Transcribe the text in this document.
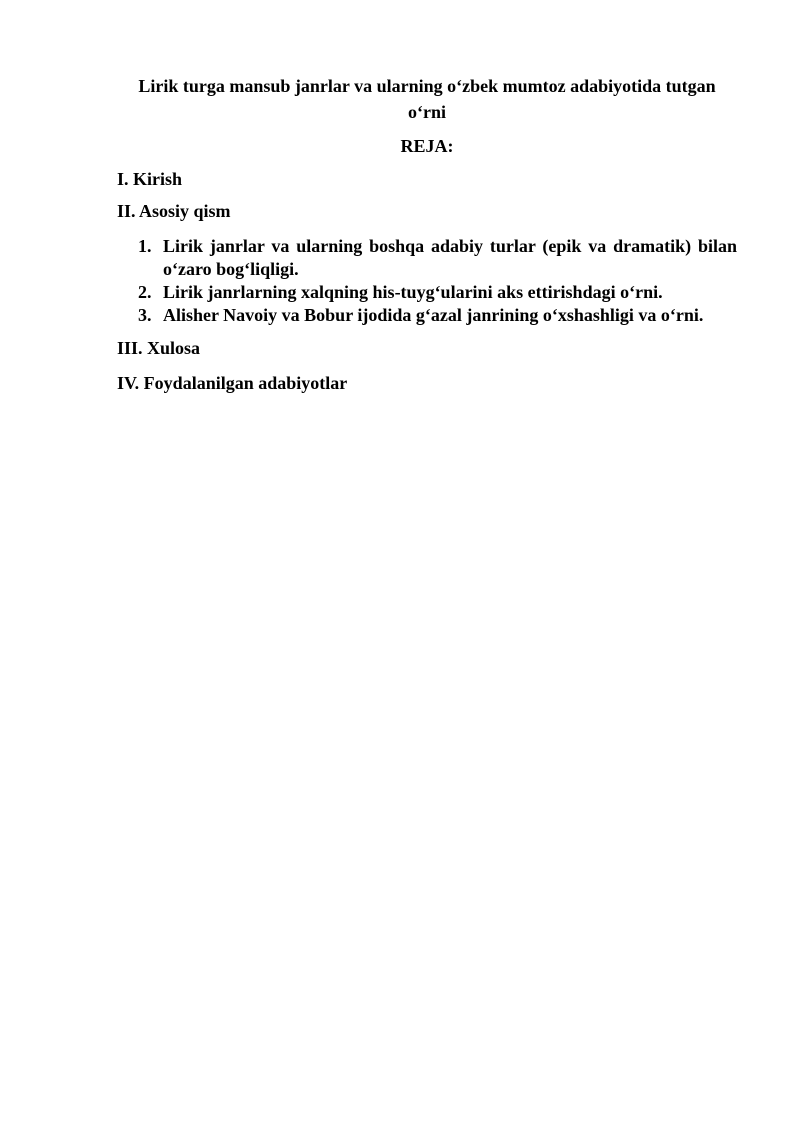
Lirik turga mansub janrlar va ularning oʻzbek mumtoz adabiyotida tutgan
oʻrni
REJA:
I. Kirish
II. Asosiy qism
1. Lirik janrlar va ularning boshqa adabiy turlar (epik va dramatik) bilan
oʻzaro bogʻliqligi.
2. Lirik janrlarning xalqning his-tuygʻularini aks ettirishdagi oʻrni.
3. Alisher Navoiy va Bobur ijodida gʻazal janrining oʻxshashligi va oʻrni.
III. Xulosa
IV. Foydalanilgan adabiyotlar
